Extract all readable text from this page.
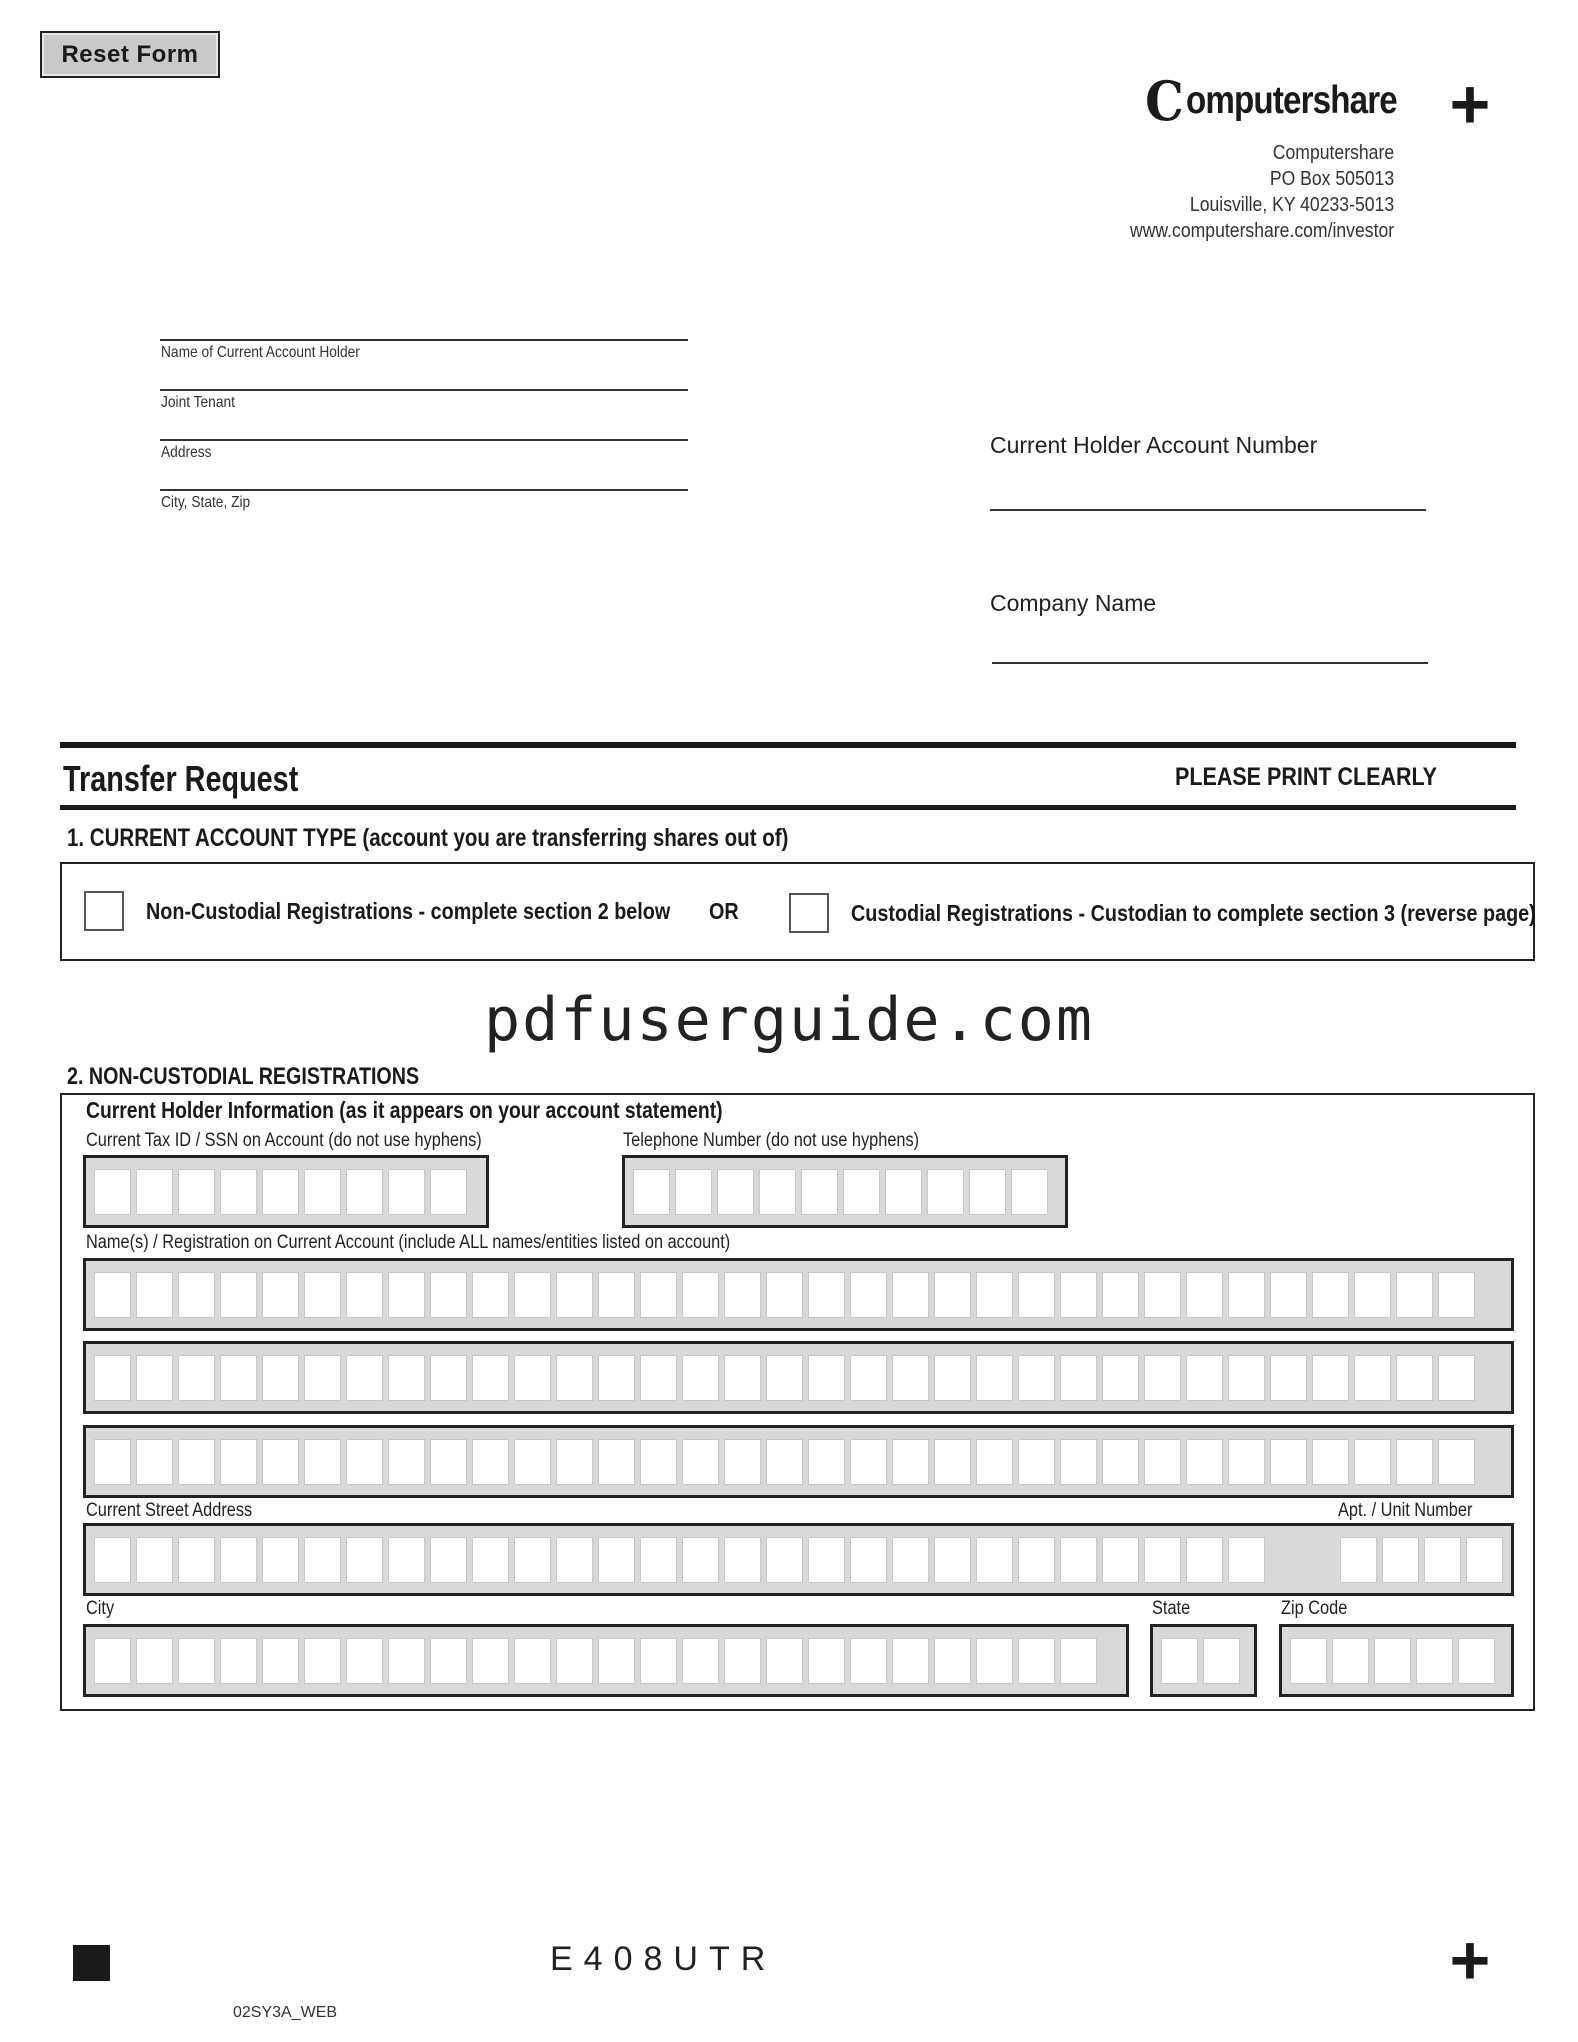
Reset Form
C omputershare +
Computershare
PO Box 505013
Louisville, KY 40233-5013
www.computershare.com/investor
Name of Current Account Holder
Joint Tenant
Address
City, State, Zip
Current Holder Account Number
Company Name
Transfer Request	PLEASE PRINT CLEARLY
1. CURRENT ACCOUNT TYPE (account you are transferring shares out of)
Non-Custodial Registrations - complete section 2 below OR	Custodial Registrations - Custodian to complete section 3 (reverse page)
pdfuserguide.com
2. NON-CUSTODIAL REGISTRATIONS
Current Holder Information (as it appears on your account statement)
Current Tax ID / SSN on Account (do not use hyphens)	Telephone Number (do not use hyphens)
Name(s) / Registration on Current Account (include ALL names/entities listed on account)
Current Street Address	Apt. / Unit Number
City	State	Zip Code
E408UTR	+
02SY3A_WEB
